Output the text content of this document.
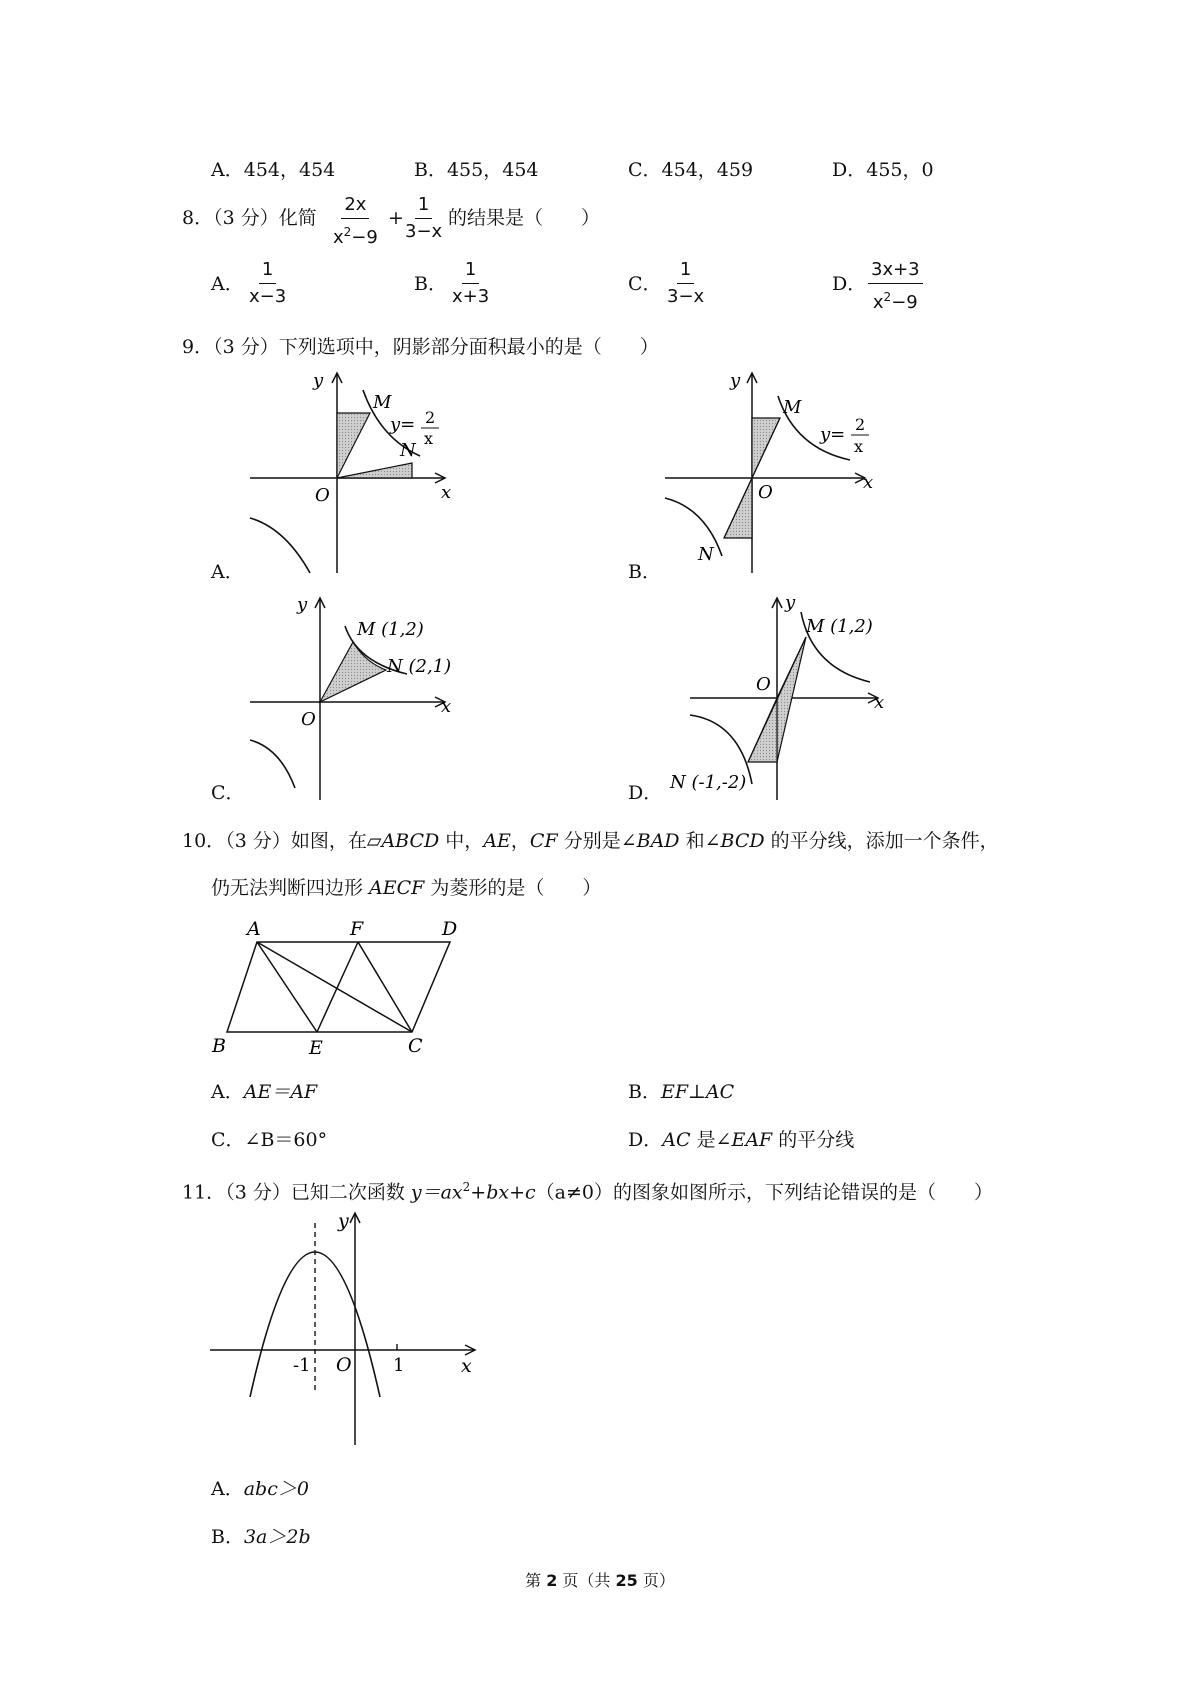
A．454，454	B．455，454	C．454，459	D．455，0
8．（3 分）化简 $\frac{2x}{x^2-9}$ +
$\frac{1}{3-x}$ 的结果是（　　）
A． $\frac{1}{x-3}$	B． $\frac{1}{x+3}$	C． $\frac{1}{3-x}$	D． $\frac{3x+3}{x^2-9}$
9．（3 分）下列选项中，阴影部分面积最小的是（　　）
A．	B．
C．	D．
y
x
O
M
N
y= 2
x
y
x
O
M
N
y= 2
x
y
x
O
M (1,2)
N (2,1)
y
x
O
M (1,2)
N (-1,-2)
10．（3 分）如图，在▱ABCD 中，AE，CF 分别是∠BAD 和∠BCD 的平分线，添加一个条件，
仍无法判断四边形 AECF 为菱形的是（　　）
A	F	D
B	E	C
A．AE＝AF	B．EF⊥AC
C．∠B＝60°	D．AC 是∠EAF 的平分线
11．（3 分）已知二次函数 $y=ax^2+bx+c(a\ne 0)$的图象如图所示，下列结论错误的是（　　）
y
x
O
-1	1
A．abc＞0
B．3a＞2b
第 2 页（共 25 页）
